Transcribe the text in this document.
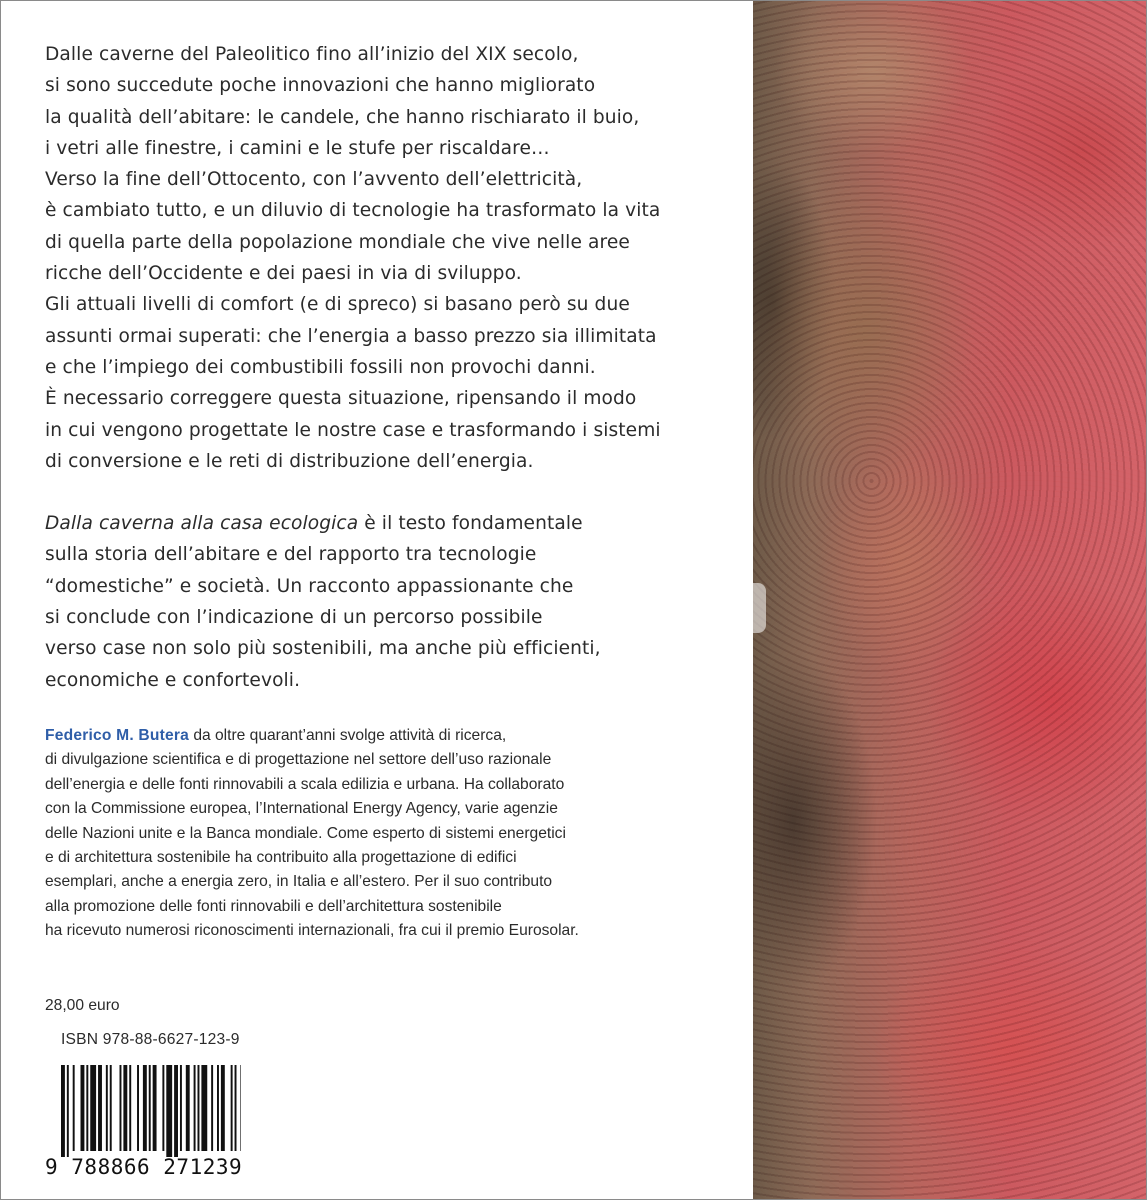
Dalle caverne del Paleolitico fino all’inizio del XIX secolo,

si sono succedute poche innovazioni che hanno migliorato

la qualità dell’abitare: le candele, che hanno rischiarato il buio,

i vetri alle finestre, i camini e le stufe per riscaldare…

Verso la fine dell’Ottocento, con l’avvento dell’elettricità,

è cambiato tutto, e un diluvio di tecnologie ha trasformato la vita

di quella parte della popolazione mondiale che vive nelle aree

ricche dell’Occidente e dei paesi in via di sviluppo.

Gli attuali livelli di comfort (e di spreco) si basano però su due

assunti ormai superati: che l’energia a basso prezzo sia illimitata

e che l’impiego dei combustibili fossili non provochi danni.

È necessario correggere questa situazione, ripensando il modo

in cui vengono progettate le nostre case e trasformando i sistemi

di conversione e le reti di distribuzione dell’energia.

Dalla caverna alla casa ecologica è il testo fondamentale

sulla storia dell’abitare e del rapporto tra tecnologie

“domestiche” e società. Un racconto appassionante che

si conclude con l’indicazione di un percorso possibile

verso case non solo più sostenibili, ma anche più efficienti,

economiche e confortevoli.

Federico M. Butera da oltre quarant’anni svolge attività di ricerca,

di divulgazione scientifica e di progettazione nel settore dell’uso razionale

dell’energia e delle fonti rinnovabili a scala edilizia e urbana. Ha collaborato

con la Commissione europea, l’International Energy Agency, varie agenzie

delle Nazioni unite e la Banca mondiale. Come esperto di sistemi energetici

e di architettura sostenibile ha contribuito alla progettazione di edifici

esemplari, anche a energia zero, in Italia e all’estero. Per il suo contributo

alla promozione delle fonti rinnovabili e dell’architettura sostenibile

ha ricevuto numerosi riconoscimenti internazionali, fra cui il premio Eurosolar.

28,00 euro
ISBN 978-88-6627-123-9
9 788866 271239
